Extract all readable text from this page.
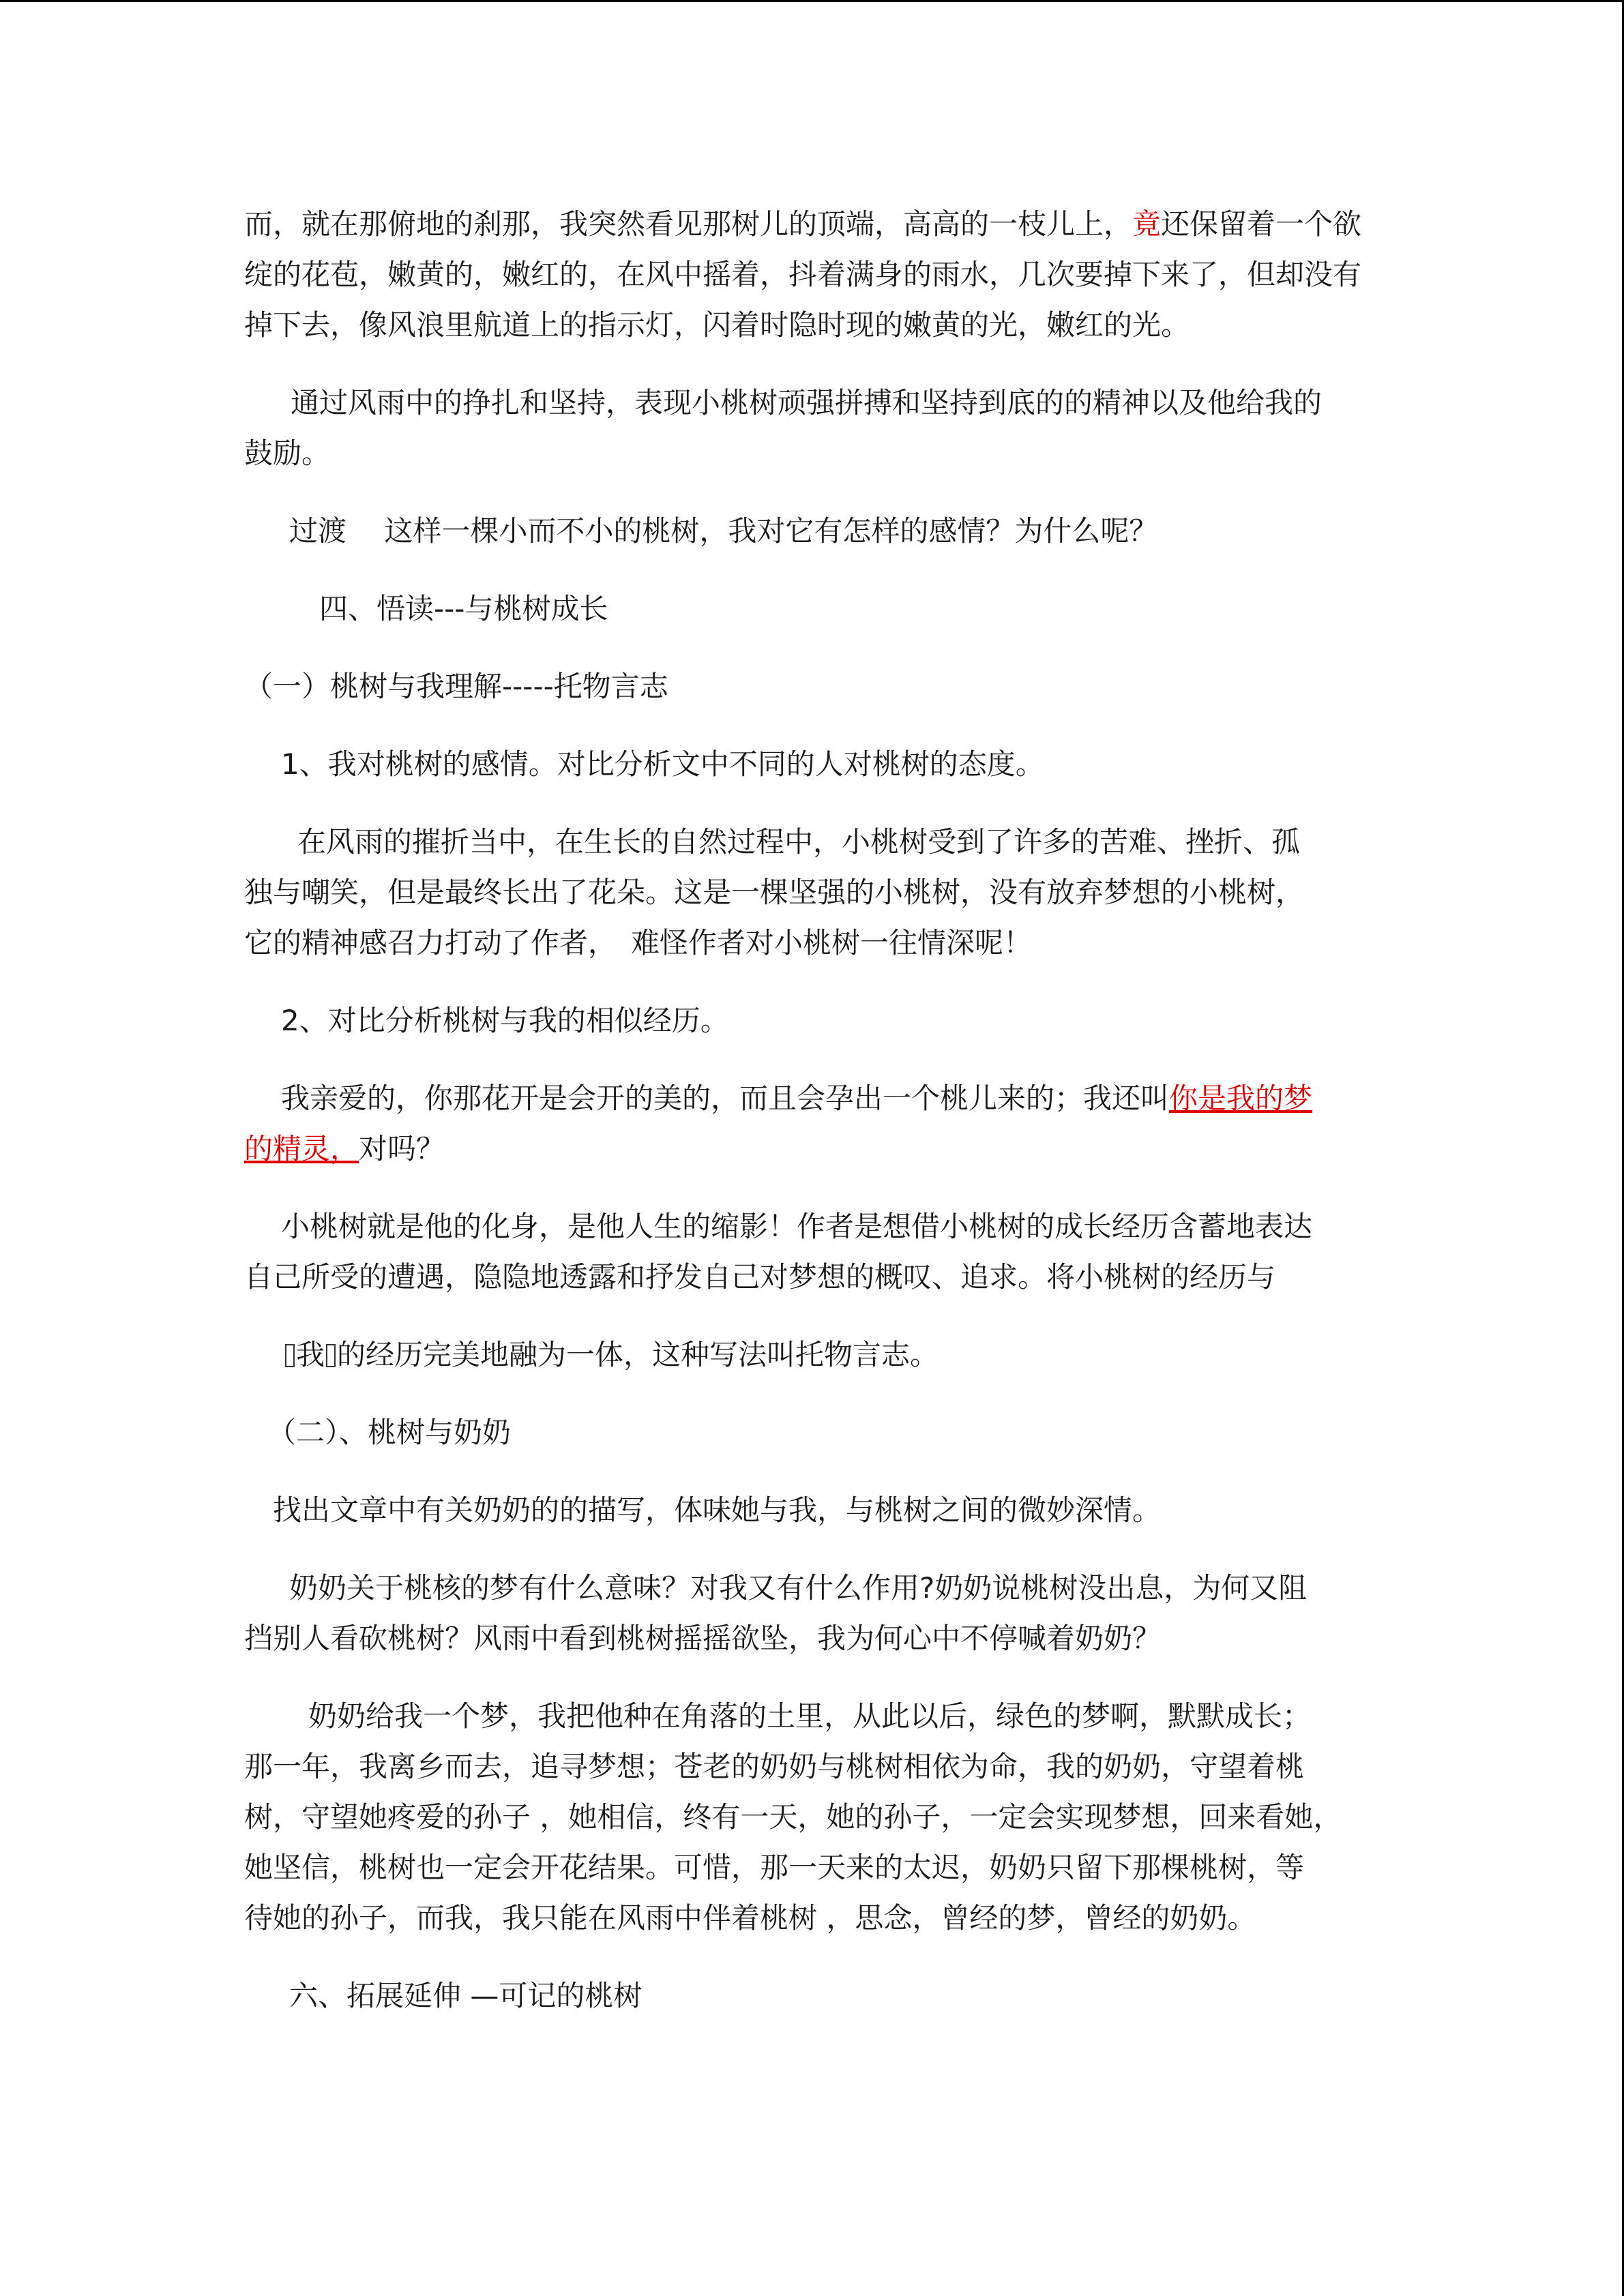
而，就在那俯地的刹那，我突然看见那树儿的顶端，高高的一枝儿上，竟还保留着一个欲
绽的花苞，嫩黄的，嫩红的，在风中摇着，抖着满身的雨水，几次要掉下来了，但却没有
掉下去，像风浪里航道上的指示灯，闪着时隐时现的嫩黄的光，嫩红的光。

通过风雨中的挣扎和坚持，表现小桃树顽强拼搏和坚持到底的的精神以及他给我的
鼓励。

过渡　 这样一棵小而不小的桃树，我对它有怎样的感情？为什么呢？

四、悟读---与桃树成长

（一）桃树与我理解-----托物言志

1、我对桃树的感情。对比分析文中不同的人对桃树的态度。

在风雨的摧折当中，在生长的自然过程中，小桃树受到了许多的苦难、挫折、孤
独与嘲笑，但是最终长出了花朵。这是一棵坚强的小桃树，没有放弃梦想的小桃树，
它的精神感召力打动了作者，　难怪作者对小桃树一往情深呢！

2、对比分析桃树与我的相似经历。

我亲爱的，你那花开是会开的美的，而且会孕出一个桃儿来的；我还叫你是我的梦
的精灵，对吗？

小桃树就是他的化身，是他人生的缩影！作者是想借小桃树的成长经历含蓄地表达
自己所受的遭遇，隐隐地透露和抒发自己对梦想的概叹、追求。将小桃树的经历与

我 的经历完美地融为一体，这种写法叫托物言志。

（二）、桃树与奶奶

找出文章中有关奶奶的的描写，体味她与我，与桃树之间的微妙深情。

奶奶关于桃核的梦有什么意味？对我又有什么作用?奶奶说桃树没出息，为何又阻
挡别人看砍桃树？风雨中看到桃树摇摇欲坠，我为何心中不停喊着奶奶？

奶奶给我一个梦，我把他种在角落的土里，从此以后，绿色的梦啊，默默成长；
那一年，我离乡而去，追寻梦想；苍老的奶奶与桃树相依为命，我的奶奶，守望着桃
树，守望她疼爱的孙子 ，她相信，终有一天，她的孙子，一定会实现梦想，回来看她，
她坚信，桃树也一定会开花结果。可惜，那一天来的太迟，奶奶只留下那棵桃树，等
待她的孙子，而我，我只能在风雨中伴着桃树 ，思念，曾经的梦，曾经的奶奶。

六、拓展延伸 —可记的桃树
